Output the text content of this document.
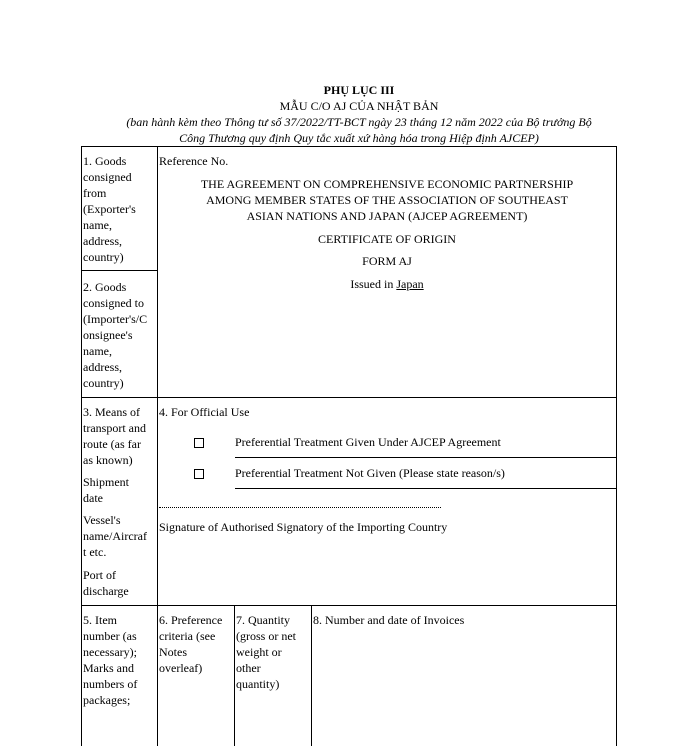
PHỤ LỤC III
MẪU C/O AJ CỦA NHẬT BẢN
(ban hành kèm theo Thông tư số 37/2022/TT-BCT ngày 23 tháng 12 năm 2022 của Bộ trưởng Bộ
Công Thương quy định Quy tắc xuất xứ hàng hóa trong Hiệp định AJCEP)
1. Goods
consigned
from
(Exporter's
name,
address,
country)
2. Goods
consigned to
(Importer's/C
onsignee's
name,
address,
country)
Reference No.
THE AGREEMENT ON COMPREHENSIVE ECONOMIC PARTNERSHIP
AMONG MEMBER STATES OF THE ASSOCIATION OF SOUTHEAST
ASIAN NATIONS AND JAPAN (AJCEP AGREEMENT)
CERTIFICATE OF ORIGIN
FORM AJ
Issued in Japan
3. Means of
transport and
route (as far
as known)
Shipment
date
Vessel's
name/Aircraf
t etc.
Port of
discharge
4. For Official Use
Preferential Treatment Given Under AJCEP Agreement
Preferential Treatment Not Given (Please state reason/s)
Signature of Authorised Signatory of the Importing Country
5. Item
number (as
necessary);
Marks and
numbers of
packages;
6. Preference
criteria (see
Notes
overleaf)
7. Quantity
(gross or net
weight or
other
quantity)
8. Number and date of Invoices
